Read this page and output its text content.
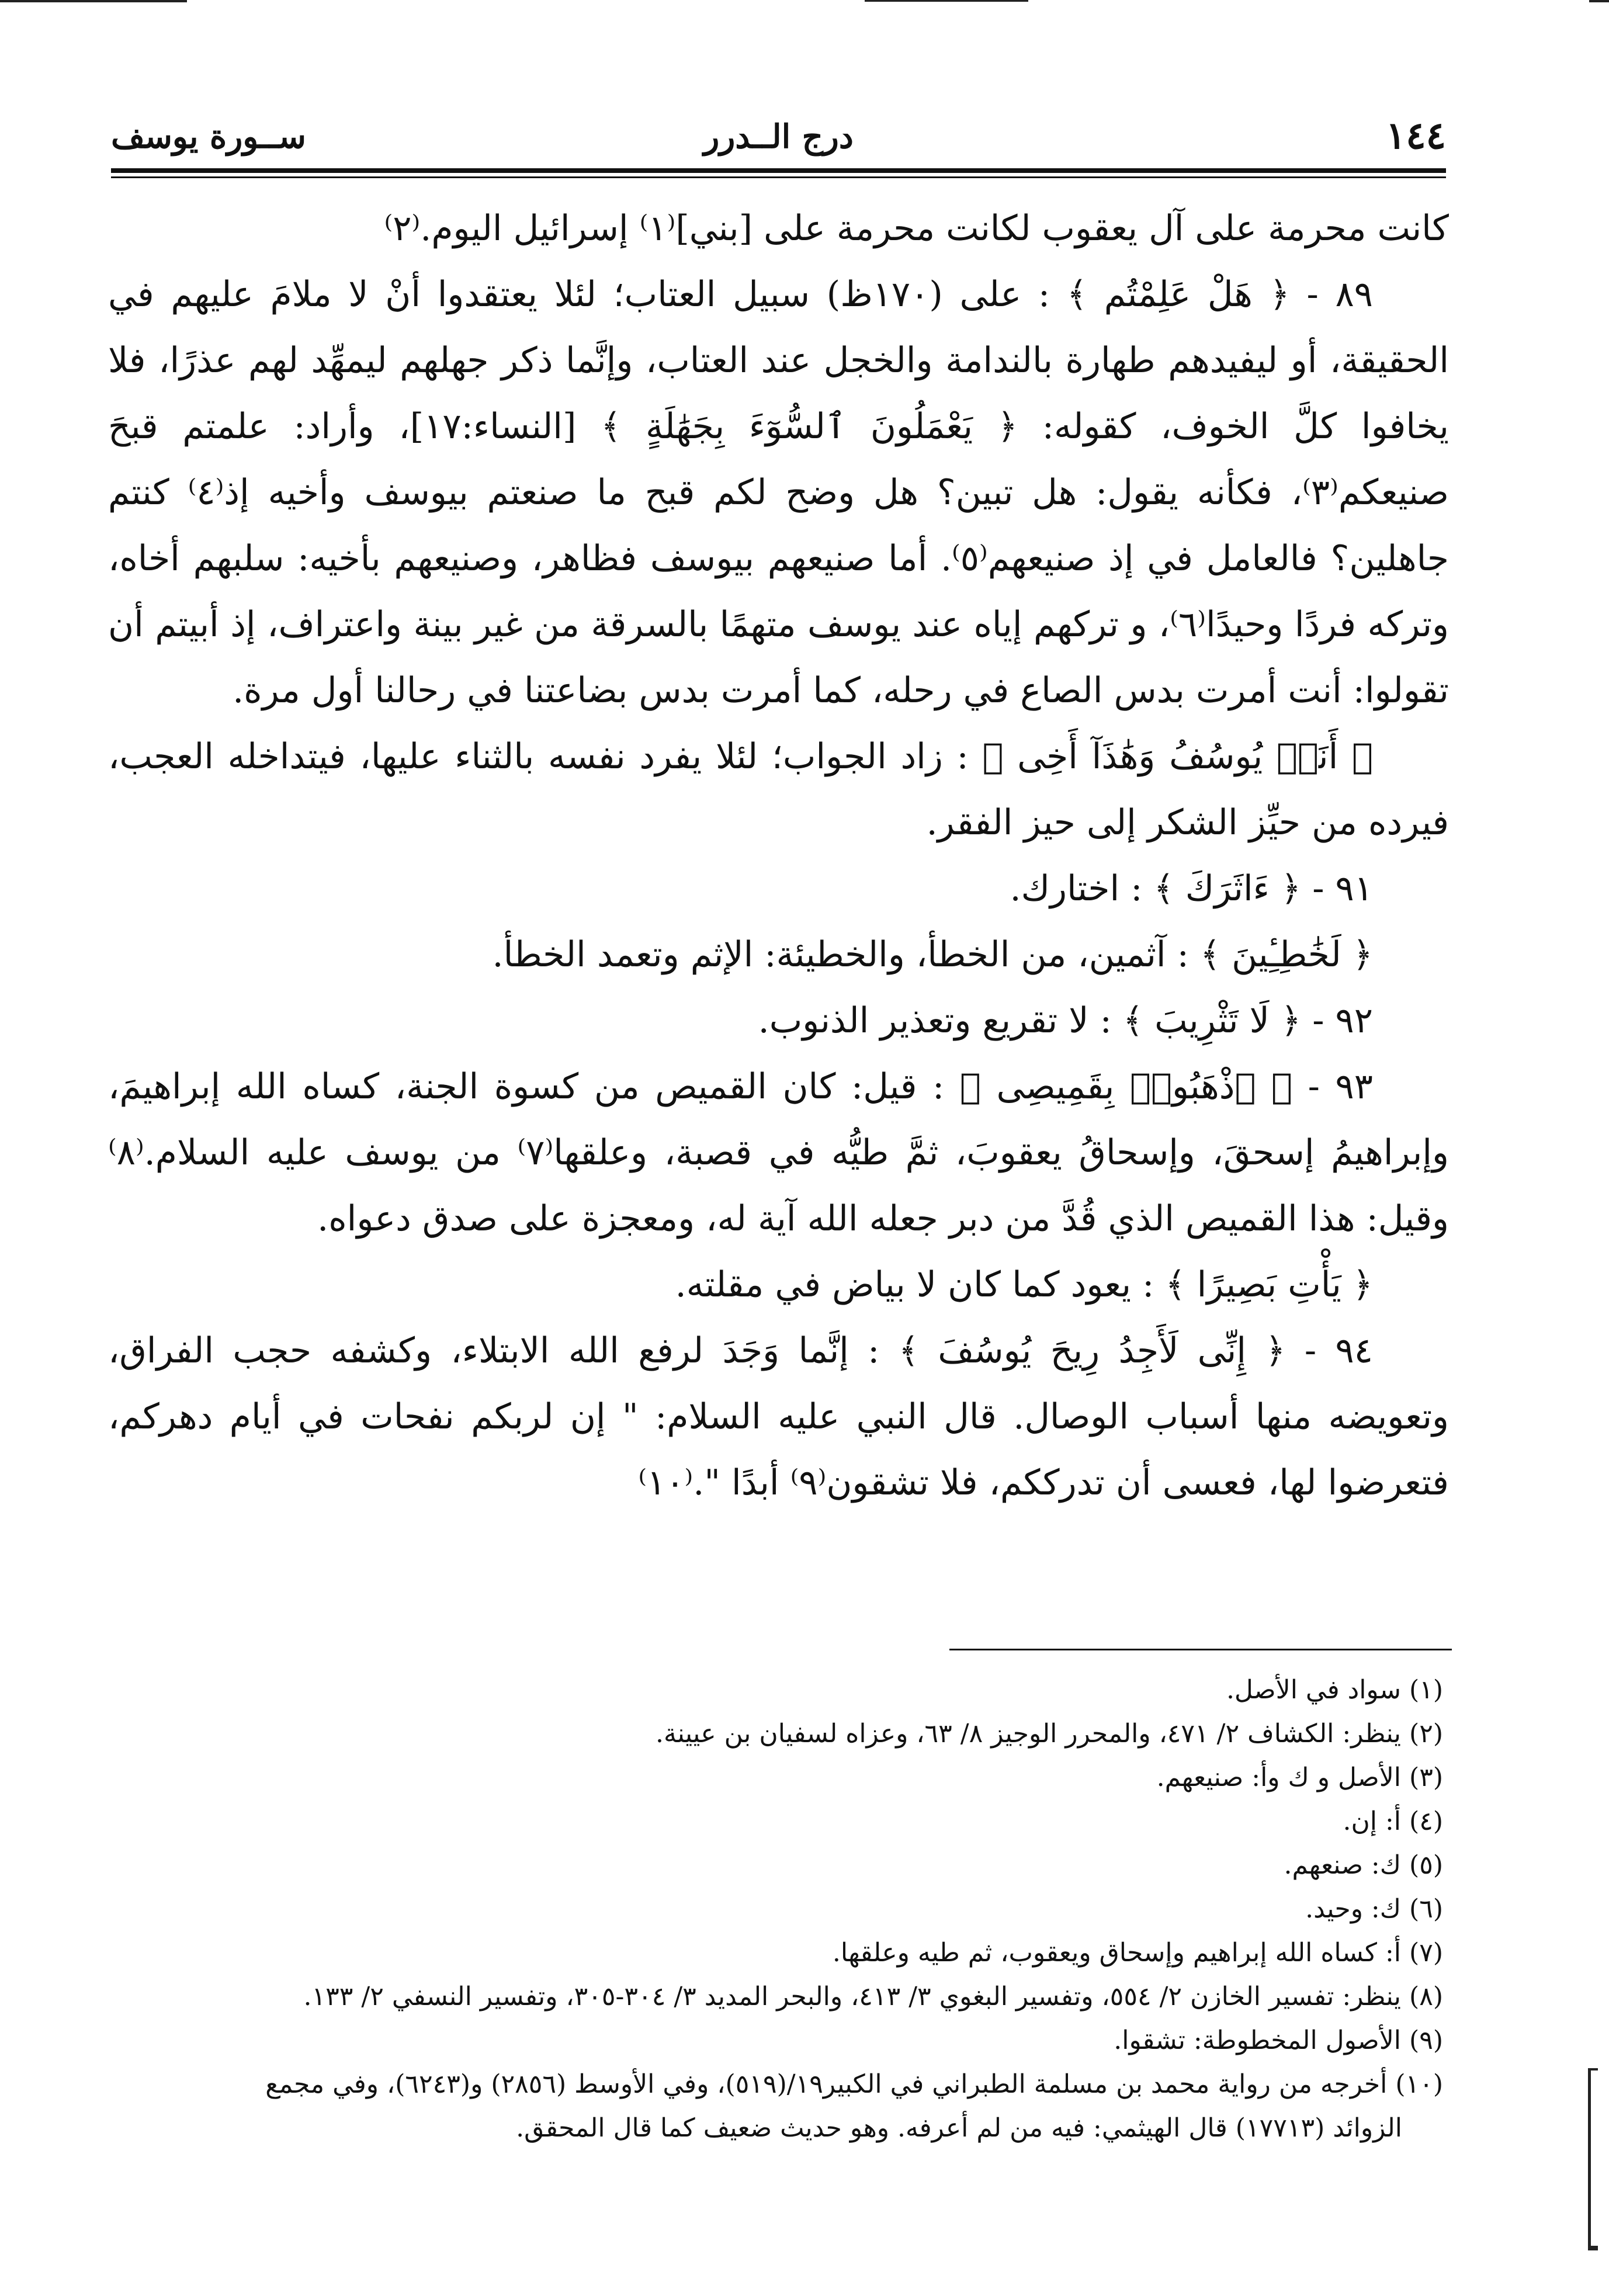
١٤٤
درج الــدرر
ســورة يوسف

كانت محرمة على آل يعقوب لكانت محرمة على [بني]⁽١⁾ إسرائيل اليوم.⁽٢⁾

٨٩ - ﴿ هَلْ عَلِمْتُم ﴾ : على (١٧٠ظ) سبيل العتاب؛ لئلا يعتقدوا أنْ لا ملامَ عليهم في الحقيقة، أو ليفيدهم طهارة بالندامة والخجل عند العتاب، وإنَّما ذكر جهلهم ليمهِّد لهم عذرًا، فلا يخافوا كلَّ الخوف، كقوله: ﴿ يَعْمَلُونَ ٱلسُّوٓءَ بِجَهَٰلَةٍ ﴾ [النساء:١٧]، وأراد: علمتم قبحَ صنيعكم⁽٣⁾، فكأنه يقول: هل تبين؟ هل وضح لكم قبح ما صنعتم بيوسف وأخيه إذ⁽٤⁾ كنتم جاهلين؟ فالعامل في إذ صنيعهم⁽٥⁾. أما صنيعهم بيوسف فظاهر، وصنيعهم بأخيه: سلبهم أخاه، وتركه فردًا وحيدًا⁽٦⁾، و تركهم إياه عند يوسف متهمًا بالسرقة من غير بينة واعتراف، إذ أبيتم أن تقولوا: أنت أمرت بدس الصاع في رحله، كما أمرت بدس بضاعتنا في رحالنا أول مرة.

﴿ أَنَا۠ يُوسُفُ وَهَٰذَآ أَخِى ﴾ : زاد الجواب؛ لئلا يفرد نفسه بالثناء عليها، فيتداخله العجب، فيرده من حيِّز الشكر إلى حيز الفقر.

٩١ - ﴿ ءَاثَرَكَ ﴾ : اختارك.

﴿ لَخَٰطِـِٔينَ ﴾ : آثمين، من الخطأ، والخطيئة: الإثم وتعمد الخطأ.

٩٢ - ﴿ لَا تَثْرِيبَ ﴾ : لا تقريع وتعذير الذنوب.

٩٣ - ﴿ ٱذْهَبُوا۟ بِقَمِيصِى ﴾ : قيل: كان القميص من كسوة الجنة، كساه الله إبراهيمَ، وإبراهيمُ إسحقَ، وإسحاقُ يعقوبَ، ثمَّ طيُّه في قصبة، وعلقها⁽٧⁾ من يوسف عليه السلام.⁽٨⁾ وقيل: هذا القميص الذي قُدَّ من دبر جعله الله آية له، ومعجزة على صدق دعواه.

﴿ يَأْتِ بَصِيرًا ﴾ : يعود كما كان لا بياض في مقلته.

٩٤ - ﴿ إِنِّى لَأَجِدُ رِيحَ يُوسُفَ ﴾ : إنَّما وَجَدَ لرفع الله الابتلاء، وكشفه حجب الفراق، وتعويضه منها أسباب الوصال. قال النبي عليه السلام: " إن لربكم نفحات في أيام دهركم، فتعرضوا لها، فعسى أن تدرككم، فلا تشقون⁽٩⁾ أبدًا ".⁽١٠⁾

(١) سواد في الأصل.

(٢) ينظر: الكشاف ٢/ ٤٧١، والمحرر الوجيز ٨/ ٦٣، وعزاه لسفيان بن عيينة.

(٣) الأصل و ك وأ: صنيعهم.

(٤) أ: إن.

(٥) ك: صنعهم.

(٦) ك: وحيد.

(٧) أ: كساه الله إبراهيم وإسحاق ويعقوب، ثم طيه وعلقها.

(٨) ينظر: تفسير الخازن ٢/ ٥٥٤، وتفسير البغوي ٣/ ٤١٣، والبحر المديد ٣/ ٣٠٤-٣٠٥، وتفسير النسفي ٢/ ١٣٣.

(٩) الأصول المخطوطة: تشقوا.

(١٠) أخرجه من رواية محمد بن مسلمة الطبراني في الكبير١٩/(٥١٩)، وفي الأوسط (٢٨٥٦) و(٦٢٤٣)، وفي مجمع

الزوائد (١٧٧١٣) قال الهيثمي: فيه من لم أعرفه. وهو حديث ضعيف كما قال المحقق.
